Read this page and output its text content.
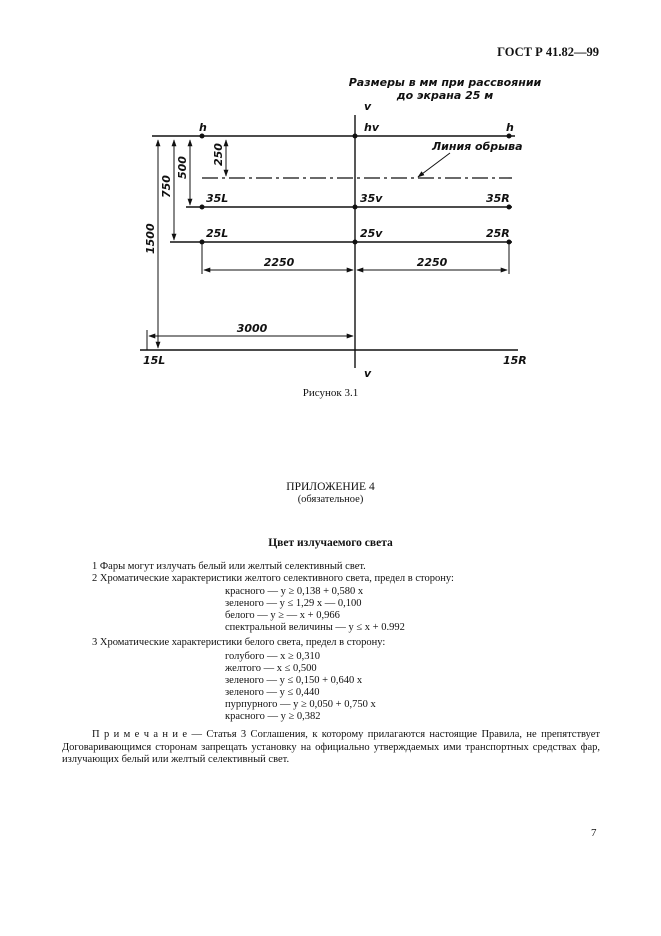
ГОСТ Р 41.82—99
Размеры в мм при рассвоянии
до экрана 25 м
v
v
h	hv	h
Линия обрыва
35L	35v	35R
25L	25v	25R
15L	15R
250
500
750
1500
2250	2250
3000
Рисунок 3.1
ПРИЛОЖЕНИЕ 4
(обязательное)
Цвет излучаемого света
1 Фары могут излучать белый или желтый селективный свет.
2 Хроматические характеристики желтого селективного света, предел в сторону:
красного — y ≥ 0,138 + 0,580 x
зеленого — y ≤ 1,29 x — 0,100
белого — y ≥ — x + 0,966
спектральной величины — y ≤ x + 0.992
3 Хроматические характеристики белого света, предел в сторону:
голубого — x ≥ 0,310
желтого — x ≤ 0,500
зеленого — y ≤ 0,150 + 0,640 x
зеленого — y ≤ 0,440
пурпурного — y ≥ 0,050 + 0,750 x
красного — y ≥ 0,382
П р и м е ч а н и е — Статья 3 Соглашения, к которому прилагаются настоящие Правила, не препятствует Договаривающимся сторонам запрещать установку на официально утверждаемых ими транспортных средствах фар, излучающих белый или желтый селективный свет.
7
